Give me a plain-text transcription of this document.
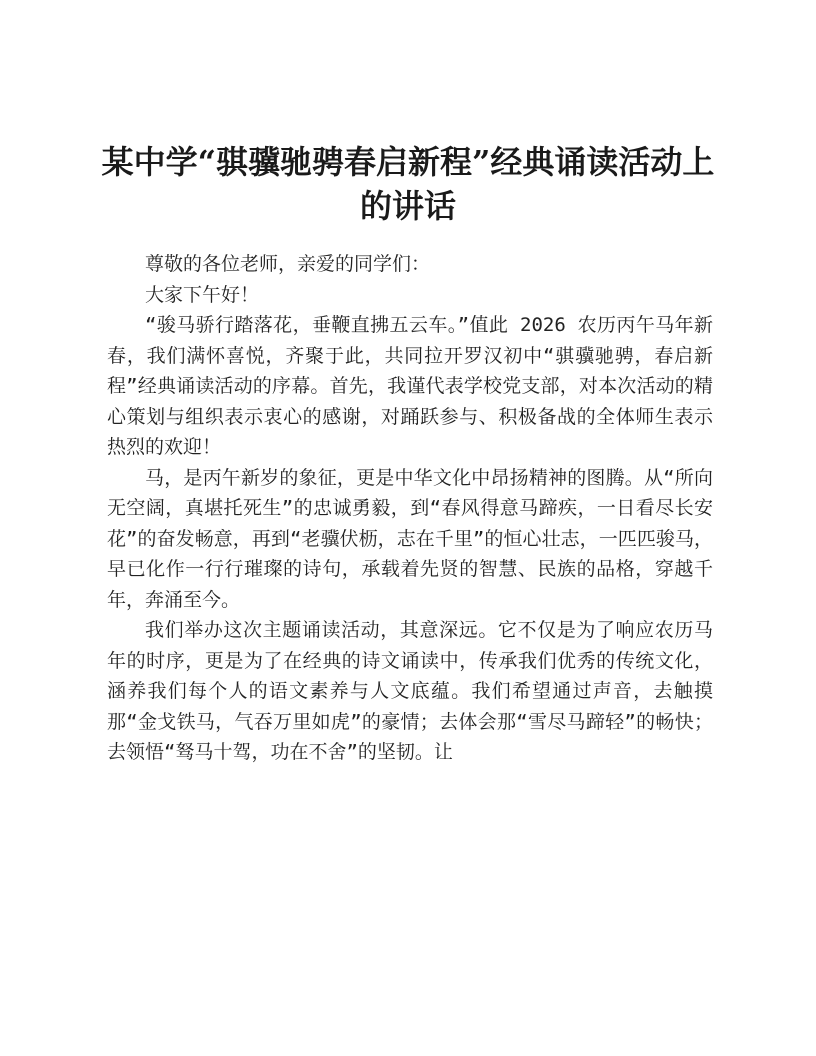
某中学“骐骥驰骋春启新程”经典诵读活动上的讲话

尊敬的各位老师，亲爱的同学们：

大家下午好！

“骏马骄行踏落花，垂鞭直拂五云车。”值此 2026 农历丙午马年新春，我们满怀喜悦，齐聚于此，共同拉开罗汉初中“骐骥驰骋，春启新程”经典诵读活动的序幕。首先，我谨代表学校党支部，对本次活动的精心策划与组织表示衷心的感谢，对踊跃参与、积极备战的全体师生表示热烈的欢迎！

马，是丙午新岁的象征，更是中华文化中昂扬精神的图腾。从“所向无空阔，真堪托死生”的忠诚勇毅，到“春风得意马蹄疾，一日看尽长安花”的奋发畅意，再到“老骥伏枥，志在千里”的恒心壮志，一匹匹骏马，早已化作一行行璀璨的诗句，承载着先贤的智慧、民族的品格，穿越千年，奔涌至今。

我们举办这次主题诵读活动，其意深远。它不仅是为了响应农历马年的时序，更是为了在经典的诗文诵读中，传承我们优秀的传统文化，涵养我们每个人的语文素养与人文底蕴。我们希望通过声音，去触摸那“金戈铁马，气吞万里如虎”的豪情；去体会那“雪尽马蹄轻”的畅快；去领悟“驽马十驾，功在不舍”的坚韧。让
